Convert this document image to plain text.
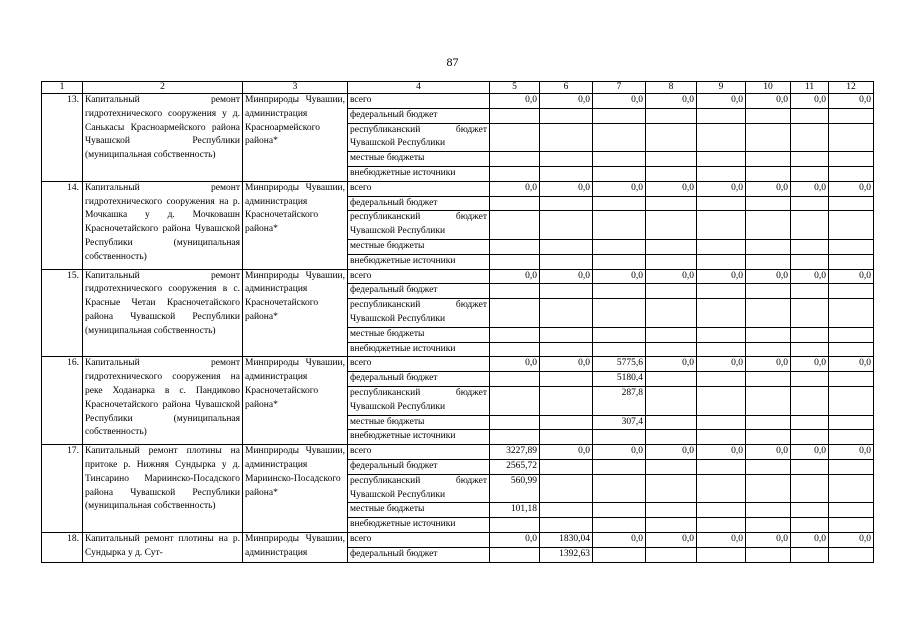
87
1	2	3	4	5	6	7	8	9	10	11	12
13.	Капитальный ремонт гидротехнического сооружения у д. Санькасы Красноармейского района Чувашской Республики (муниципальная собственность)	Минприроды Чувашии, администрация Красноармейского района*	всего	0,0	0,0	0,0	0,0	0,0	0,0	0,0	0,0
			федеральный бюджет								
			республиканский бюджет Чувашской Республики								
			местные бюджеты								
			внебюджетные источники								
14.	Капитальный ремонт гидротехнического сооружения на р. Мочкашка у д. Мочковашн Красночетайского района Чувашской Республики (муниципальная собственность)	Минприроды Чувашии, администрация Красночетайского района*	всего	0,0	0,0	0,0	0,0	0,0	0,0	0,0	0,0
			федеральный бюджет								
			республиканский бюджет Чувашской Республики								
			местные бюджеты								
			внебюджетные источники								
15.	Капитальный ремонт гидротехнического сооружения в с. Красные Четаи Красночетайского района Чувашской Республики (муниципальная собственность)	Минприроды Чувашии, администрация Красночетайского района*	всего	0,0	0,0	0,0	0,0	0,0	0,0	0,0	0,0
			федеральный бюджет								
			республиканский бюджет Чувашской Республики								
			местные бюджеты								
			внебюджетные источники								
16.	Капитальный ремонт гидротехнического сооружения на реке Ходанарка в с. Пандиково Красночетайского района Чувашской Республики (муниципальная собственность)	Минприроды Чувашии, администрация Красночетайского района*	всего	0,0	0,0	5775,6	0,0	0,0	0,0	0,0	0,0
			федеральный бюджет			5180,4					
			республиканский бюджет Чувашской Республики			287,8					
			местные бюджеты			307,4					
			внебюджетные источники								
17.	Капитальный ремонт плотины на притоке р. Нижняя Сундырка у д. Тинсарино Мариинско-Посадского района Чувашской Республики (муниципальная собственность)	Минприроды Чувашии, администрация Мариинско-Посадского района*	всего	3227,89	0,0	0,0	0,0	0,0	0,0	0,0	0,0
			федеральный бюджет	2565,72							
			республиканский бюджет Чувашской Республики	560,99							
			местные бюджеты	101,18							
			внебюджетные источники								
18.	Капитальный ремонт плотины на р. Сундырка у д. Сут-	Минприроды Чувашии, администрация	всего	0,0	1830,04	0,0	0,0	0,0	0,0	0,0	0,0
			федеральный бюджет		1392,63						
